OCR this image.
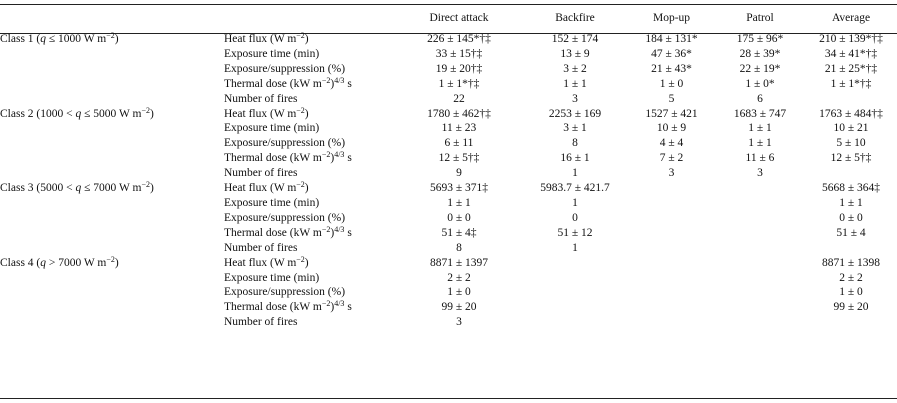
		Direct attack	Backfire	Mop-up	Patrol	Average
Class 1 (q ≤ 1000 W $m^{-2}$)	Heat flux (W $m^{-2}$)	226 ± 145*†‡	152 ± 174	184 ± 131*	175 ± 96*	210 ± 139*†‡
	Exposure time (min)	33 ± 15†‡	13 ± 9	47 ± 36*	28 ± 39*	34 ± 41*†‡
	Exposure/suppression (%)	19 ± 20†‡	3 ± 2	21 ± 43*	22 ± 19*	21 ± 25*†‡
	Thermal dose (kW $m^{-2})^{4/3}$ s	1 ± 1*†‡	1 ± 1	1 ± 0	1 ± 0*	1 ± 1*†‡
	Number of fires	22	3	5	6	
Class 2 (1000 < q ≤ 5000 W $m^{-2}$)	Heat flux (W $m^{-2}$)	1780 ± 462†‡	2253 ± 169	1527 ± 421	1683 ± 747	1763 ± 484†‡
	Exposure time (min)	11 ± 23	3 ± 1	10 ± 9	1 ± 1	10 ± 21
	Exposure/suppression (%)	6 ± 11	8	4 ± 4	1 ± 1	5 ± 10
	Thermal dose (kW $m^{-2})^{4/3}$ s	12 ± 5†‡	16 ± 1	7 ± 2	11 ± 6	12 ± 5†‡
	Number of fires	9	1	3	3	
Class 3 (5000 < q ≤ 7000 W $m^{-2}$)	Heat flux (W $m^{-2}$)	5693 ± 371‡	5983.7 ± 421.7			5668 ± 364‡
	Exposure time (min)	1 ± 1	1			1 ± 1
	Exposure/suppression (%)	0 ± 0	0			0 ± 0
	Thermal dose (kW $m^{-2})^{4/3}$ s	51 ± 4‡	51 ± 12			51 ± 4
	Number of fires	8	1			
Class 4 (q > 7000 W $m^{-2}$)	Heat flux (W $m^{-2}$)	8871 ± 1397				8871 ± 1398
	Exposure time (min)	2 ± 2				2 ± 2
	Exposure/suppression (%)	1 ± 0				1 ± 0
	Thermal dose (kW $m^{-2})^{4/3}$ s	99 ± 20				99 ± 20
	Number of fires	3				
